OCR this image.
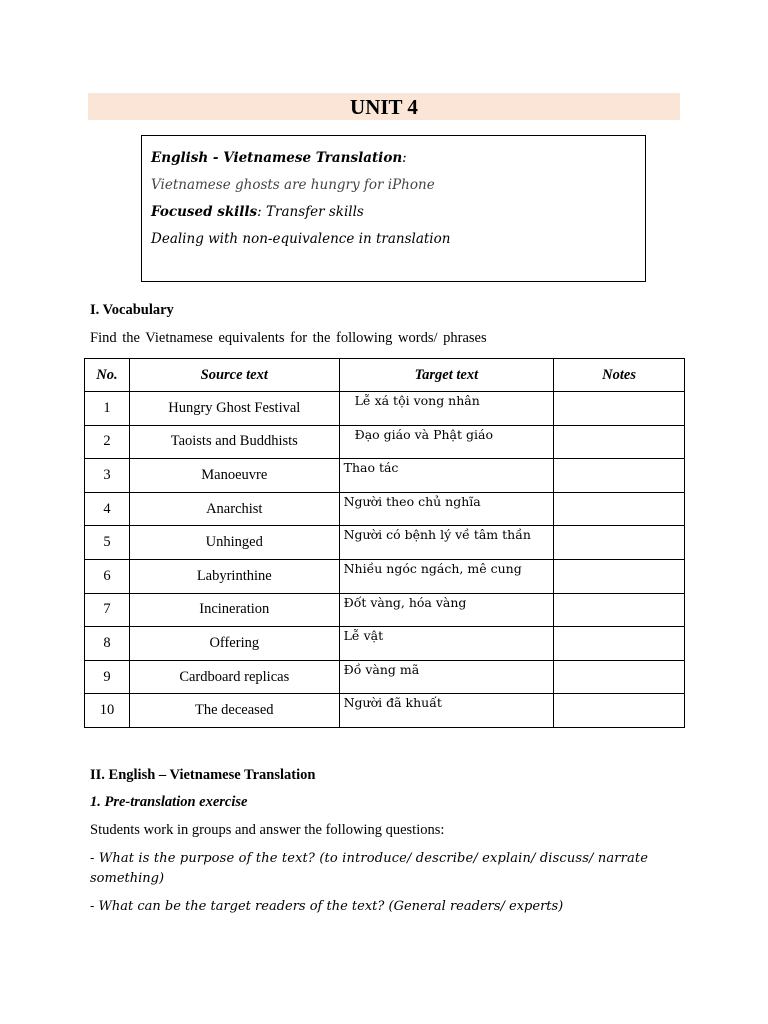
UNIT 4
English - Vietnamese Translation:
Vietnamese ghosts are hungry for iPhone
Focused skills: Transfer skills
Dealing with non-equivalence in translation
I. Vocabulary
Find the Vietnamese equivalents for the following words/ phrases
No.	Source text	Target text	Notes
1	Hungry Ghost Festival	Lễ xá tội vong nhân	

2	Taoists and Buddhists	Đạo giáo và Phật giáo	

3	Manoeuvre	Thao tác	

4	Anarchist	Người theo chủ nghĩa	

5	Unhinged	Người có bệnh lý về tâm thần	

6	Labyrinthine	Nhiều ngóc ngách, mê cung	

7	Incineration	Đốt vàng, hóa vàng	

8	Offering	Lễ vật	

9	Cardboard replicas	Đồ vàng mã	

10	The deceased	Người đã khuất	

II. English – Vietnamese Translation
1. Pre-translation exercise
Students work in groups and answer the following questions:
- What is the purpose of the text? (to introduce/ describe/ explain/ discuss/ narrate
something)
- What can be the target readers of the text? (General readers/ experts)
